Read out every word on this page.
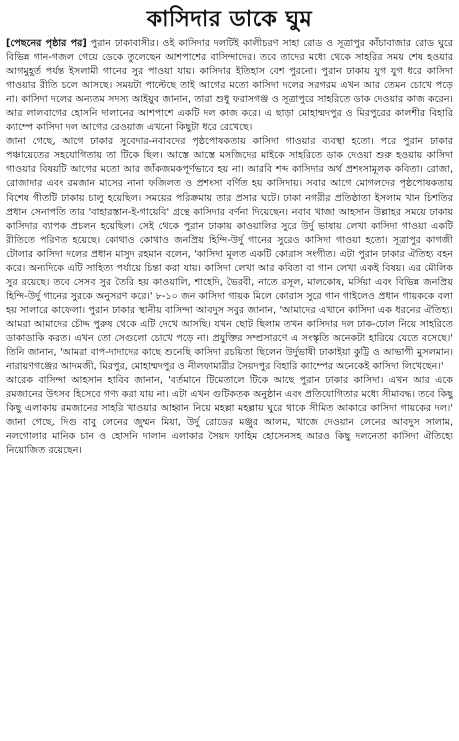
কাসিদার ডাকে ঘুম

[পেছনের পৃষ্ঠার পর] পুরান ঢাকাবাসীর। ওই কাসিদার দলটিই কালীচরণ সাহা রোড ও সূত্রাপুর কাঁচাবাজার রোড ঘুরে বিভিন্ন গান-গজল গেয়ে ডেকে তুলেছেন আশপাশের বাসিন্দাদের। তবে তাদের মধ্যে থেকে সাহরির সময় শেষ হওয়ার আগমুহূর্ত পর্যন্ত ইসলামী গানের সুর পাওয়া যায়। কাসিদার ইতিহাস বেশ পুরনো। পুরান ঢাকায় যুগ যুগ ধরে কাসিদা গাওয়ার রীতি চলে আসছে। সময়টা পাল্টেছে তাই আগের মতো কাসিদা দলের সরগরম এখন আর তেমন চোখে পড়ে না। কাসিদা দলের অন্যতম সদস্য আইয়ুব জানান, তারা শুধু ফরাসগঞ্জ ও সূত্রাপুরে সাহরিতে ডাক দেওয়ার কাজ করেন। আর লালবাগের হোসনি দালানের আশপাশে একটি দল কাজ করে। এ ছাড়া মোহাম্মদপুর ও মিরপুরের কালশীর বিহারি ক্যাম্পে কাসিদা দল আগের রেওয়াজ এখনো কিছুটা ধরে রেখেছে।

জানা গেছে, আগে ঢাকার সুবেদার-নবাবদের পৃষ্ঠপোষকতায় কাসিদা গাওয়ার ব্যবস্থা হতো। পরে পুরান ঢাকার পঞ্চায়েতের সহযোগিতায় তা টিকে ছিল। আস্তে আস্তে মসজিদের মাইকে সাহরিতে ডাক দেওয়া শুরু হওয়ায় কাসিদা গাওয়ার বিষয়টি আগের মতো আর জাঁকজমকপূর্ণভাবে হয় না। আরবি শব্দ কাসিদার অর্থ প্রশংসামূলক কবিতা। রোজা, রোজাদার এবং রমজান মাসের নানা ফজিলত ও প্রশংসা বর্ণিত হয় কাসিদায়। সবার আগে মোগলদের পৃষ্ঠপোষকতায় বিশেষ গীতটি ঢাকায় চালু হয়েছিল। সময়ের পরিক্রমায় তার প্রসার ঘটে। ঢাকা নগরীর প্রতিষ্ঠাতা ইসলাম খান চিশতির প্রধান সেনাপতি তার 'বাহারস্তান-ই-গায়েবি' গ্রন্থে কাসিদার বর্ণনা দিয়েছেন। নবাব খাজা আহসান উল্লাহর সময়ে ঢাকায় কাসিদার ব্যাপক প্রচলন হয়েছিল। সেই থেকে পুরান ঢাকায় কাওয়ালির সুরে উর্দু ভাষায় লেখা কাসিদা গাওয়া একটি রীতিতে পরিণত হয়েছে। কোথাও কোথাও জনপ্রিয় হিন্দি-উর্দু গানের সুরেও কাসিদা গাওয়া হতো। সূত্রাপুর কাগজী টোলার কাসিদা দলের প্রধান মাসুদ রহমান বলেন, 'কাসিদা মূলত একটি কোরাস সংগীত। এটা পুরান ঢাকার ঐতিহ্য বহন করে। অন্যদিকে এটি সাহিত্য পর্যায়ে চিন্তা করা যায়। কাসিদা লেখা আর কবিতা বা গান লেখা একই বিষয়। এর মৌলিক সুর রয়েছে। তবে সেসব সুর তৈরি হয় কাওয়ালি, শাহেদি, ভৈরবী, নাতে রসূল, মালকোষ, মর্সিয়া এবং বিভিন্ন জনপ্রিয় হিন্দি-উর্দু গানের সুরকে অনুসরণ করে।' ৮-১০ জন কাসিদা গায়ক মিলে কোরাস সুরে গান গাইলেও প্রধান গায়ককে বলা হয় সালারে কাফেলা। পুরান ঢাকার স্থানীয় বাসিন্দা আবদুস সবুর জানান, 'আমাদের এখানে কাসিদা এক ধরনের ঐতিহ্য। আমরা আমাদের চৌদ্দ পুরুষ থেকে এটি দেখে আসছি। যখন ছোট ছিলাম তখন কাসিদার দল ঢাক-ঢোল নিয়ে সাহরিতে ডাকাডাকি করত। এখন তো সেগুলো চোখে পড়ে না। প্রযুক্তির সম্প্রসারণে এ সংস্কৃতি অনেকটা হারিয়ে যেতে বসেছে।' তিনি জানান, 'আমরা বাপ-দাদাদের কাছে শুনেছি কাসিদা রচয়িতা ছিলেন উর্দুভাষী ঢাকাইয়া কুট্টি ও আভাগী মুসলমান। নারায়ণগঞ্জের আদমজী, মিরপুর, মোহাম্মদপুর ও নীলফামারীর সৈয়দপুর বিহারি ক্যাম্পের অনেকেই কাসিদা লিখেছেন।'

আরেক বাসিন্দা আহসান হাবিব জানান, 'বর্তমানে টিমেতালে টিকে আছে পুরান ঢাকার কাসিদা। এখন আর একে রমজানের উৎসব হিসেবে গণ্য করা যায় না। এটা এখন গুটিকতক অনুষ্ঠান এবং প্রতিযোগিতার মধ্যে সীমাবদ্ধ। তবে কিছু কিছু এলাকায় রমজানের সাহরি খাওয়ার আহ্বান নিয়ে মহল্লা মহল্লায় ঘুরে থাকে সীমিত আকারে কাসিদা গায়কের দল।' জানা গেছে, দিগু বাবু লেনের জুম্মন মিয়া, উর্দু রোডের মঞ্জুর আলম, খাজে দেওয়ান লেনের আবদুস সালাম, নলগোলার মানিক চান ও হোসনি দালান এলাকার সৈয়দ ফাহিম হোসেনসহ আরও কিছু দলনেতা কাসিদা ঐতিহ্যে নিয়োজিত রয়েছেন।
